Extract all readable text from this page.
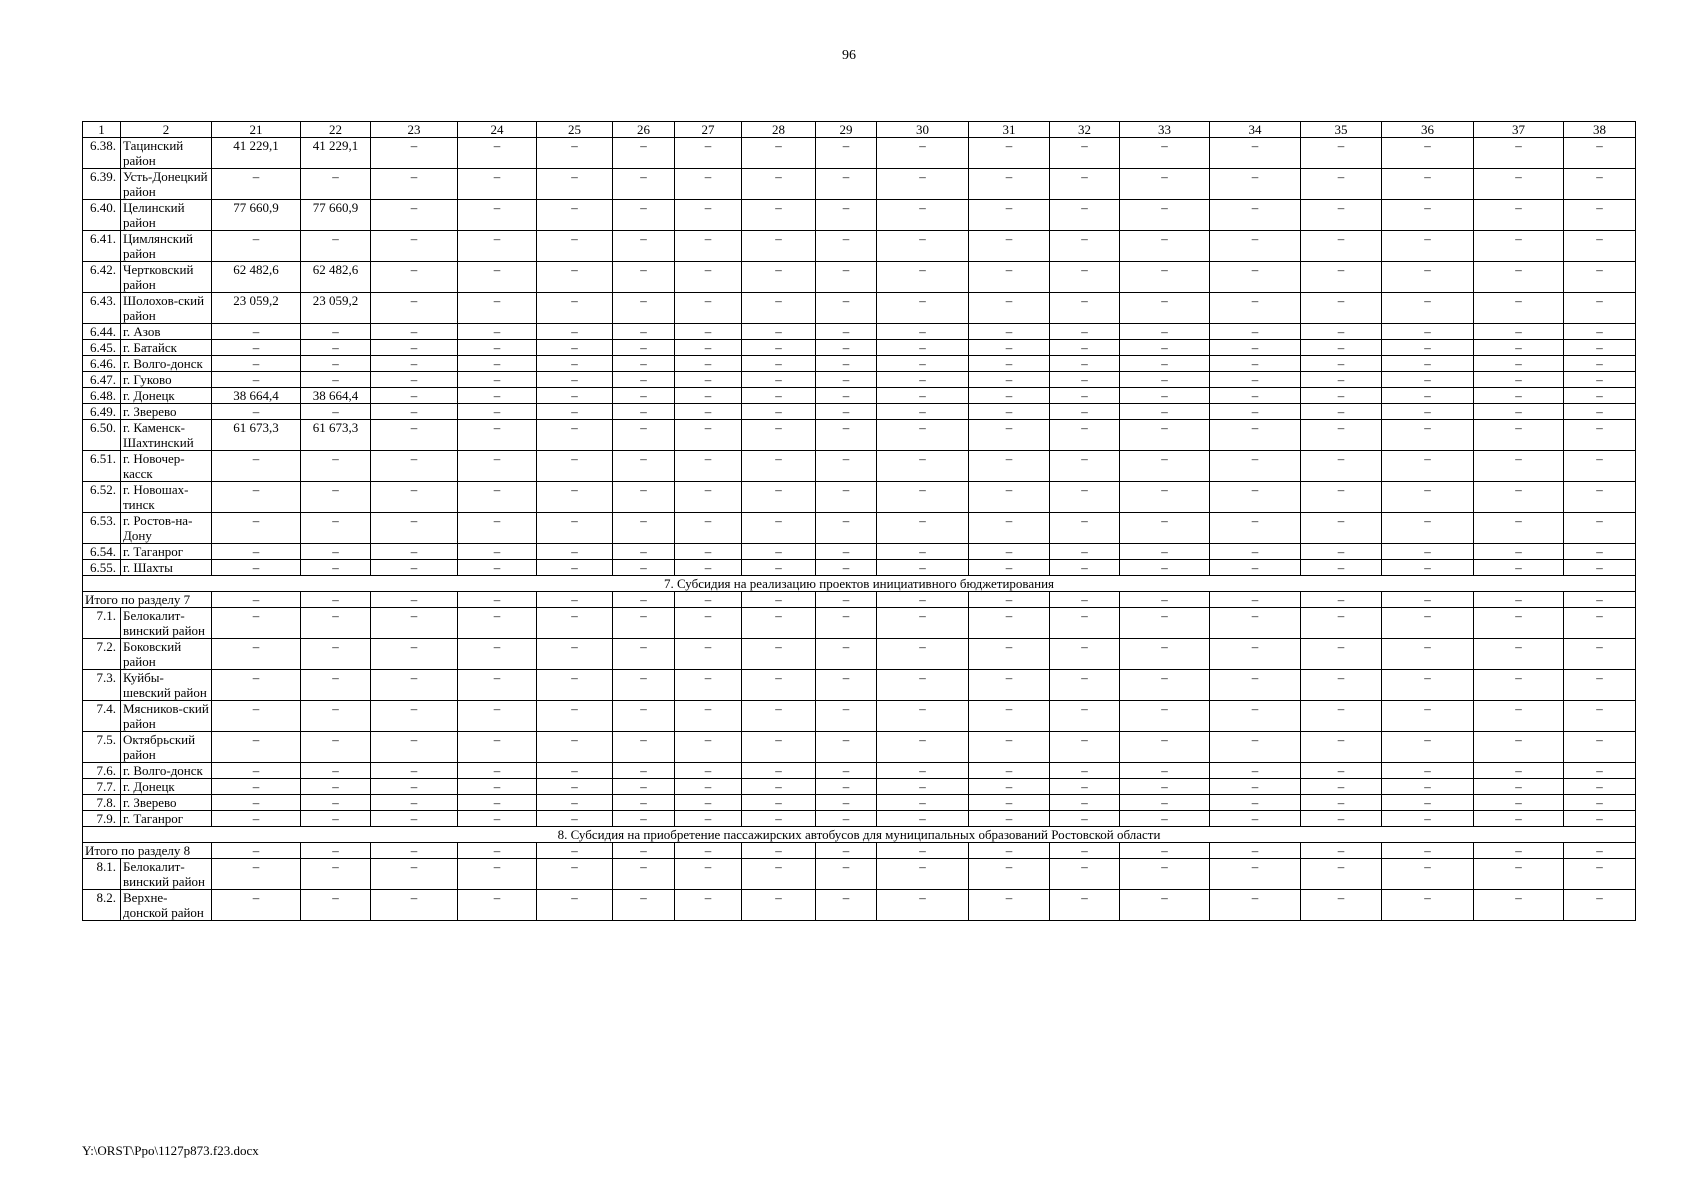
96
1	2	21	22	23	24	25	26	27	28	29	30	31	32	33	34	35	36	37	38
6.38.	Тацинский район	41 229,1	41 229,1	–	–	–	–	–	–	–	–	–	–	–	–	–	–	–	–
6.39.	Усть-Донецкий район	–	–	–	–	–	–	–	–	–	–	–	–	–	–	–	–	–	–
6.40.	Целинский район	77 660,9	77 660,9	–	–	–	–	–	–	–	–	–	–	–	–	–	–	–	–
6.41.	Цимлянский район	–	–	–	–	–	–	–	–	–	–	–	–	–	–	–	–	–	–
6.42.	Чертковский район	62 482,6	62 482,6	–	–	–	–	–	–	–	–	–	–	–	–	–	–	–	–
6.43.	Шолохов-ский район	23 059,2	23 059,2	–	–	–	–	–	–	–	–	–	–	–	–	–	–	–	–
6.44.	г. Азов	–	–	–	–	–	–	–	–	–	–	–	–	–	–	–	–	–	–
6.45.	г. Батайск	–	–	–	–	–	–	–	–	–	–	–	–	–	–	–	–	–	–
6.46.	г. Волго-донск	–	–	–	–	–	–	–	–	–	–	–	–	–	–	–	–	–	–
6.47.	г. Гуково	–	–	–	–	–	–	–	–	–	–	–	–	–	–	–	–	–	–
6.48.	г. Донецк	38 664,4	38 664,4	–	–	–	–	–	–	–	–	–	–	–	–	–	–	–	–
6.49.	г. Зверево	–	–	–	–	–	–	–	–	–	–	–	–	–	–	–	–	–	–
6.50.	г. Каменск-Шахтинский	61 673,3	61 673,3	–	–	–	–	–	–	–	–	–	–	–	–	–	–	–	–
6.51.	г. Новочер-касск	–	–	–	–	–	–	–	–	–	–	–	–	–	–	–	–	–	–
6.52.	г. Новошах-тинск	–	–	–	–	–	–	–	–	–	–	–	–	–	–	–	–	–	–
6.53.	г. Ростов-на-Дону	–	–	–	–	–	–	–	–	–	–	–	–	–	–	–	–	–	–
6.54.	г. Таганрог	–	–	–	–	–	–	–	–	–	–	–	–	–	–	–	–	–	–
6.55.	г. Шахты	–	–	–	–	–	–	–	–	–	–	–	–	–	–	–	–	–	–
7. Субсидия на реализацию проектов инициативного бюджетирования																			
Итого по разделу 7		–	–	–	–	–	–	–	–	–	–	–	–	–	–	–	–	–	–
7.1.	Белокалит-винский район	–	–	–	–	–	–	–	–	–	–	–	–	–	–	–	–	–	–
7.2.	Боковский район	–	–	–	–	–	–	–	–	–	–	–	–	–	–	–	–	–	–
7.3.	Куйбы-шевский район	–	–	–	–	–	–	–	–	–	–	–	–	–	–	–	–	–	–
7.4.	Мясников-ский район	–	–	–	–	–	–	–	–	–	–	–	–	–	–	–	–	–	–
7.5.	Октябрьский район	–	–	–	–	–	–	–	–	–	–	–	–	–	–	–	–	–	–
7.6.	г. Волго-донск	–	–	–	–	–	–	–	–	–	–	–	–	–	–	–	–	–	–
7.7.	г. Донецк	–	–	–	–	–	–	–	–	–	–	–	–	–	–	–	–	–	–
7.8.	г. Зверево	–	–	–	–	–	–	–	–	–	–	–	–	–	–	–	–	–	–
7.9.	г. Таганрог	–	–	–	–	–	–	–	–	–	–	–	–	–	–	–	–	–	–
8. Субсидия на приобретение пассажирских автобусов для муниципальных образований Ростовской области																			
Итого по разделу 8		–	–	–	–	–	–	–	–	–	–	–	–	–	–	–	–	–	–
8.1.	Белокалит-винский район	–	–	–	–	–	–	–	–	–	–	–	–	–	–	–	–	–	–
8.2.	Верхне-донской район	–	–	–	–	–	–	–	–	–	–	–	–	–	–	–	–	–	–
Y:\ORST\Ppo\1127p873.f23.docx
